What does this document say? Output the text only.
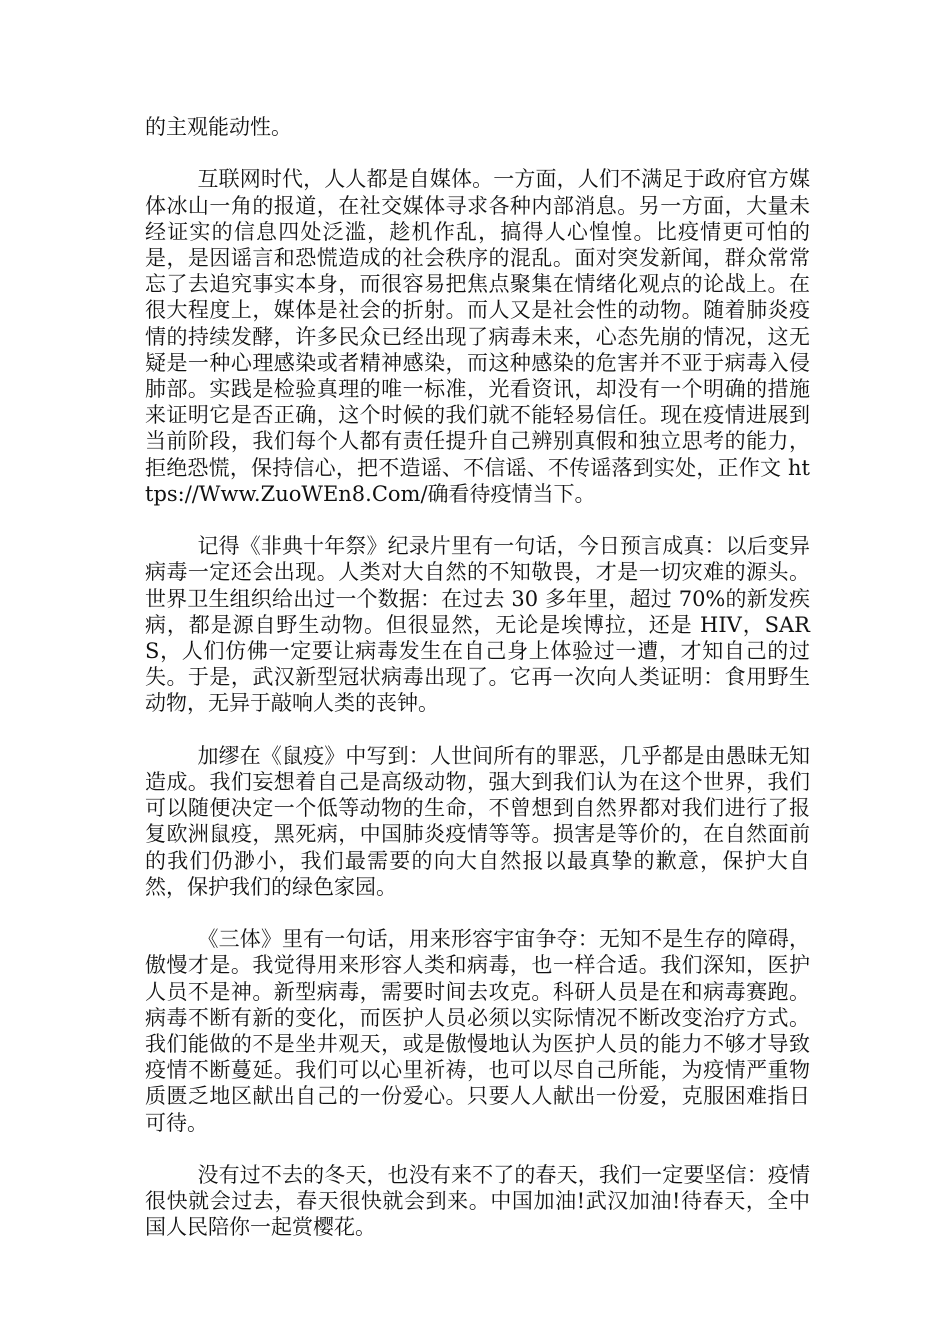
的主观能动性。

互联网时代，人人都是自媒体。一方面，人们不满足于政府官方媒体冰山一角的报道，在社交媒体寻求各种内部消息。另一方面，大量未经证实的信息四处泛滥，趁机作乱，搞得人心惶惶。比疫情更可怕的是，是因谣言和恐慌造成的社会秩序的混乱。面对突发新闻，群众常常忘了去追究事实本身，而很容易把焦点聚集在情绪化观点的论战上。在很大程度上，媒体是社会的折射。而人又是社会性的动物。随着肺炎疫情的持续发酵，许多民众已经出现了病毒未来，心态先崩的情况，这无疑是一种心理感染或者精神感染，而这种感染的危害并不亚于病毒入侵肺部。实践是检验真理的唯一标准，光看资讯，却没有一个明确的措施来证明它是否正确，这个时候的我们就不能轻易信任。现在疫情进展到当前阶段，我们每个人都有责任提升自己辨别真假和独立思考的能力，拒绝恐慌，保持信心，把不造谣、不信谣、不传谣落到实处，正作文 https://Www.ZuoWEn8.Com/确看待疫情当下。

记得《非典十年祭》纪录片里有一句话，今日预言成真：以后变异病毒一定还会出现。人类对大自然的不知敬畏，才是一切灾难的源头。世界卫生组织给出过一个数据：在过去 30 多年里，超过 70%的新发疾病，都是源自野生动物。但很显然，无论是埃博拉，还是 HIV，SARS，人们仿佛一定要让病毒发生在自己身上体验过一遭，才知自己的过失。于是，武汉新型冠状病毒出现了。它再一次向人类证明：食用野生动物，无异于敲响人类的丧钟。

加缪在《鼠疫》中写到：人世间所有的罪恶，几乎都是由愚昧无知造成。我们妄想着自己是高级动物，强大到我们认为在这个世界，我们可以随便决定一个低等动物的生命，不曾想到自然界都对我们进行了报复欧洲鼠疫，黑死病，中国肺炎疫情等等。损害是等价的，在自然面前的我们仍渺小，我们最需要的向大自然报以最真挚的歉意，保护大自然，保护我们的绿色家园。

《三体》里有一句话，用来形容宇宙争夺：无知不是生存的障碍，傲慢才是。我觉得用来形容人类和病毒，也一样合适。我们深知，医护人员不是神。新型病毒，需要时间去攻克。科研人员是在和病毒赛跑。病毒不断有新的变化，而医护人员必须以实际情况不断改变治疗方式。我们能做的不是坐井观天，或是傲慢地认为医护人员的能力不够才导致疫情不断蔓延。我们可以心里祈祷，也可以尽自己所能，为疫情严重物质匮乏地区献出自己的一份爱心。只要人人献出一份爱，克服困难指日可待。

没有过不去的冬天，也没有来不了的春天，我们一定要坚信：疫情很快就会过去，春天很快就会到来。中国加油!武汉加油!待春天，全中国人民陪你一起赏樱花。
